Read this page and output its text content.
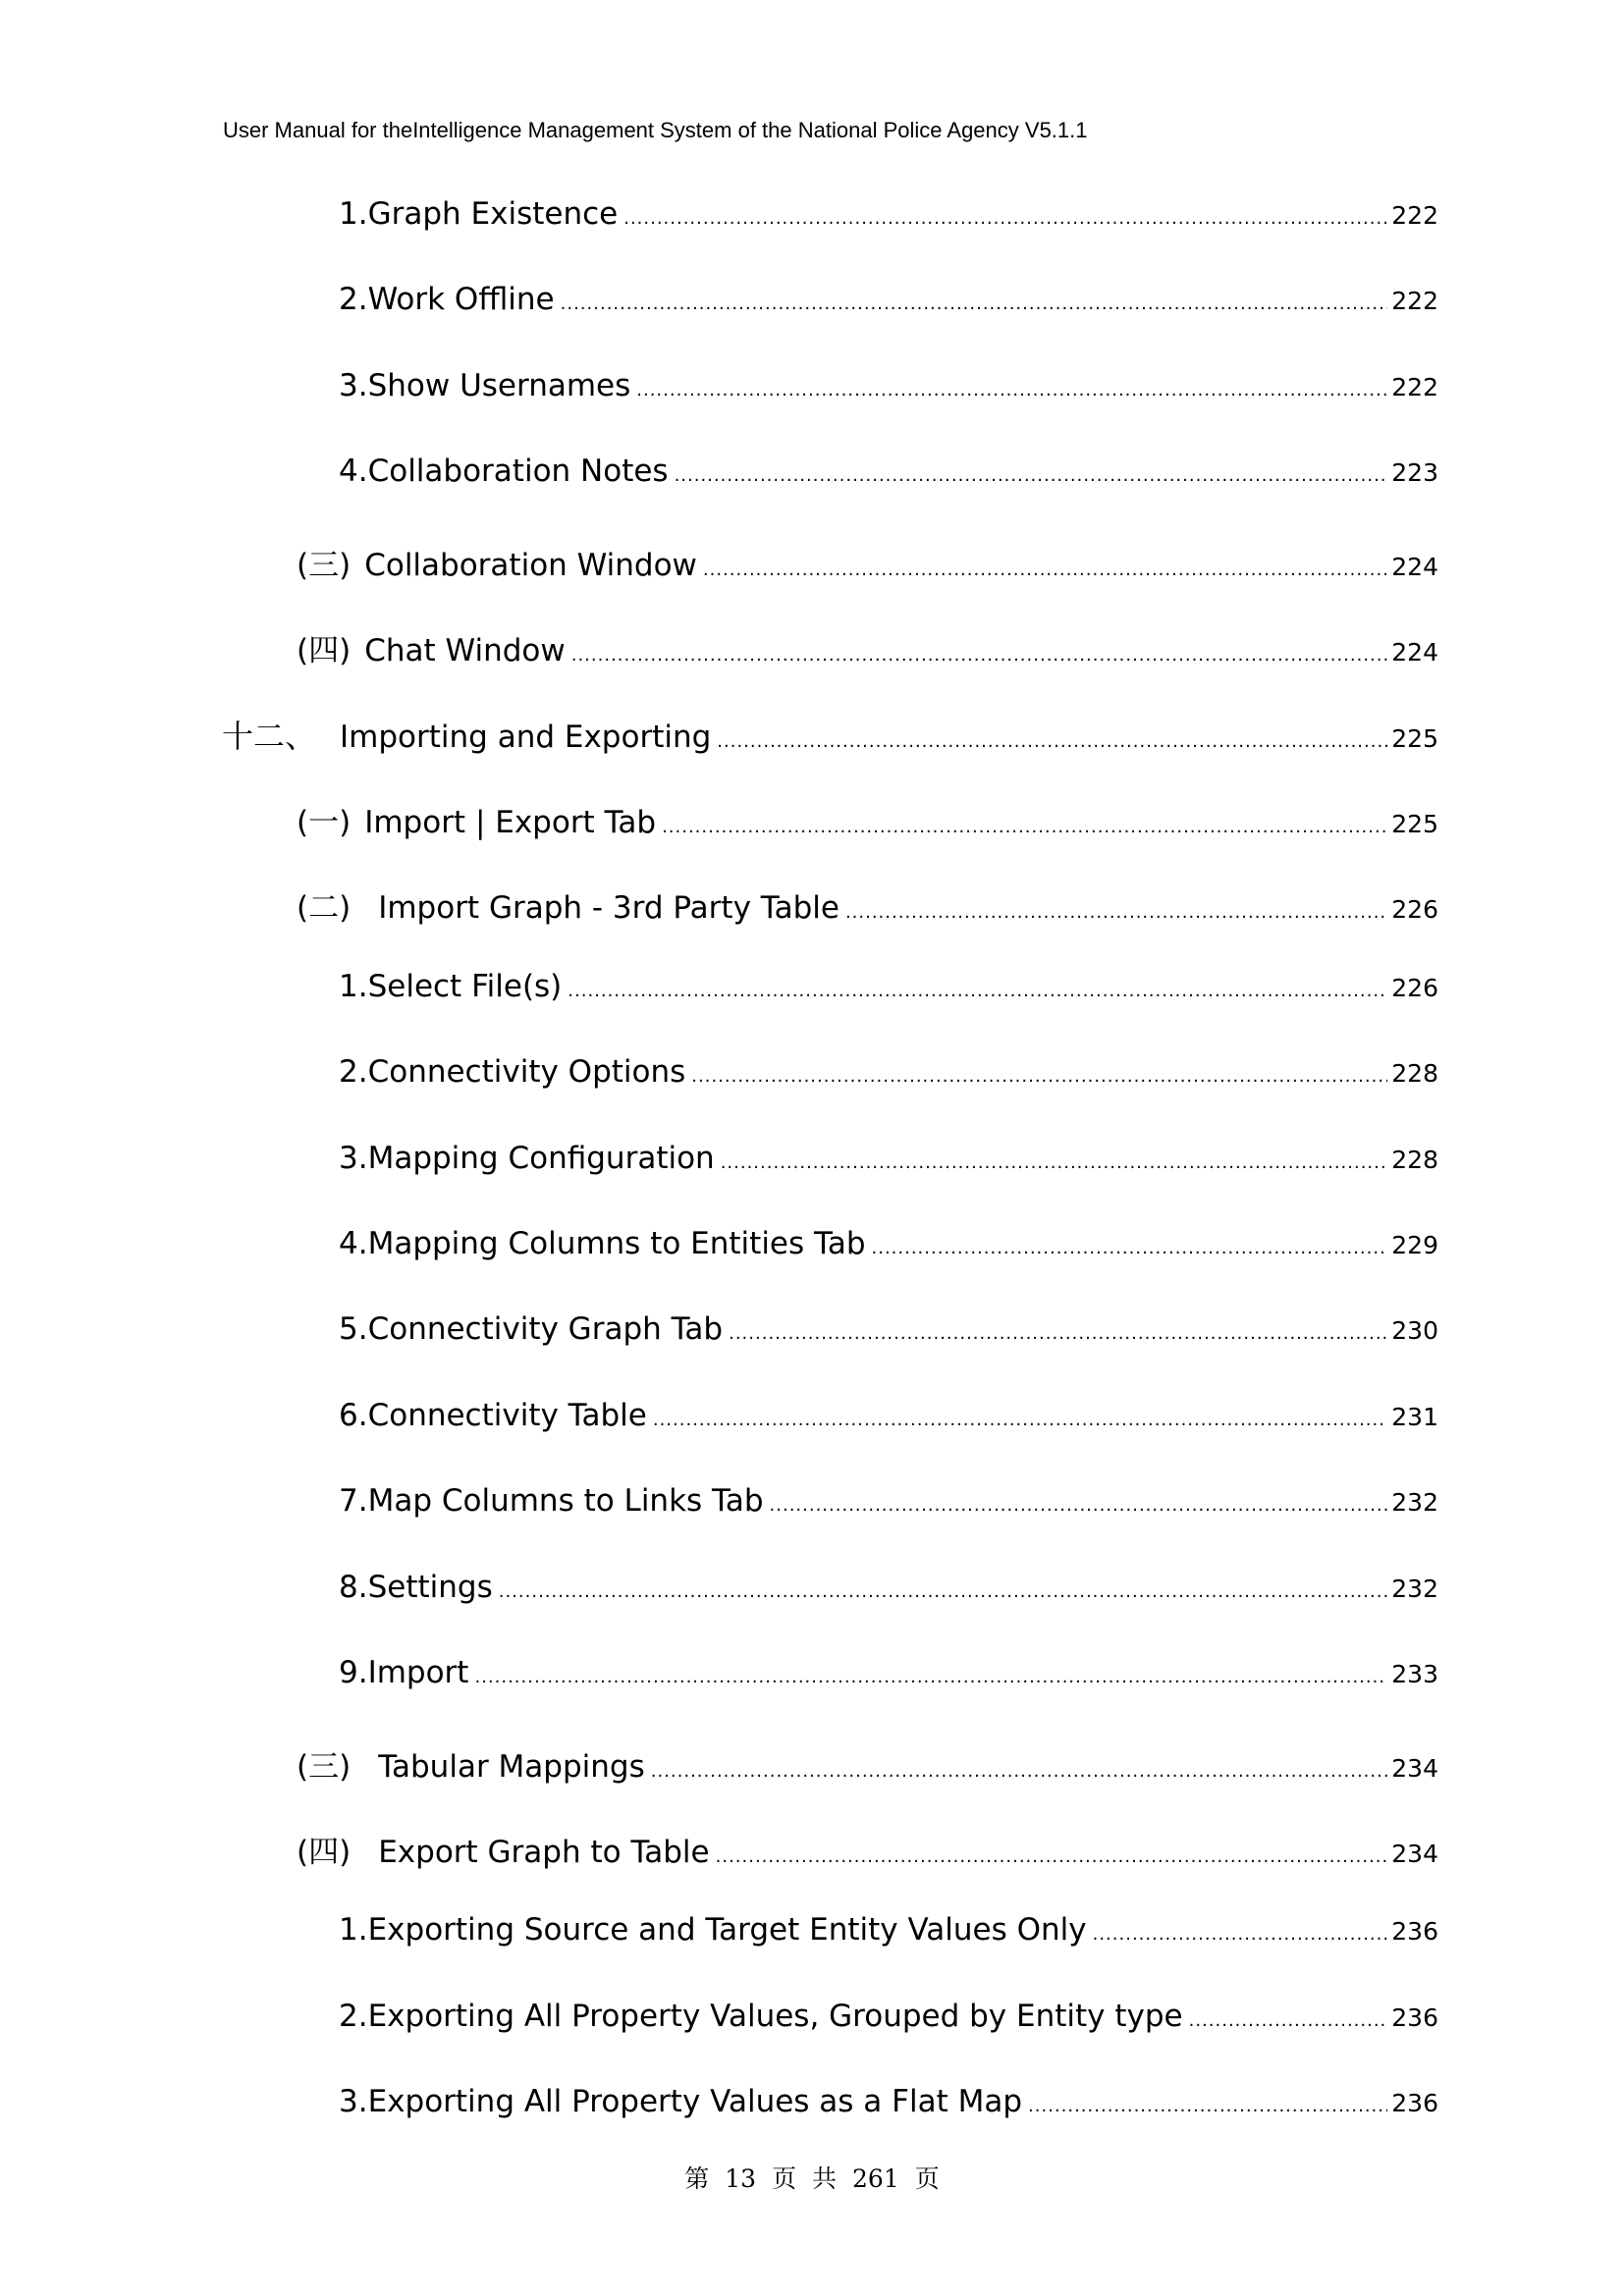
User Manual for theIntelligence Management System of the National Police Agency V5.1.1
1.Graph Existence .....	222
2.Work Offline .....	222
3.Show Usernames .....	222
4.Collaboration Notes .....	223
(三) Collaboration Window .....	224
(四) Chat Window .....	224
十二、 Importing and Exporting .....	225
(一) Import | Export Tab .....	225
(二) Import Graph - 3rd Party Table .....	226
1.Select File(s) .....	226
2.Connectivity Options .....	228
3.Mapping Configuration .....	228
4.Mapping Columns to Entities Tab .....	229
5.Connectivity Graph Tab .....	230
6.Connectivity Table .....	231
7.Map Columns to Links Tab .....	232
8.Settings .....	232
9.Import .....	233
(三) Tabular Mappings .....	234
(四) Export Graph to Table .....	234
1.Exporting Source and Target Entity Values Only .....	236
2.Exporting All Property Values, Grouped by Entity type .....	236
3.Exporting All Property Values as a Flat Map .....	236
第 13 页 共 261 页
